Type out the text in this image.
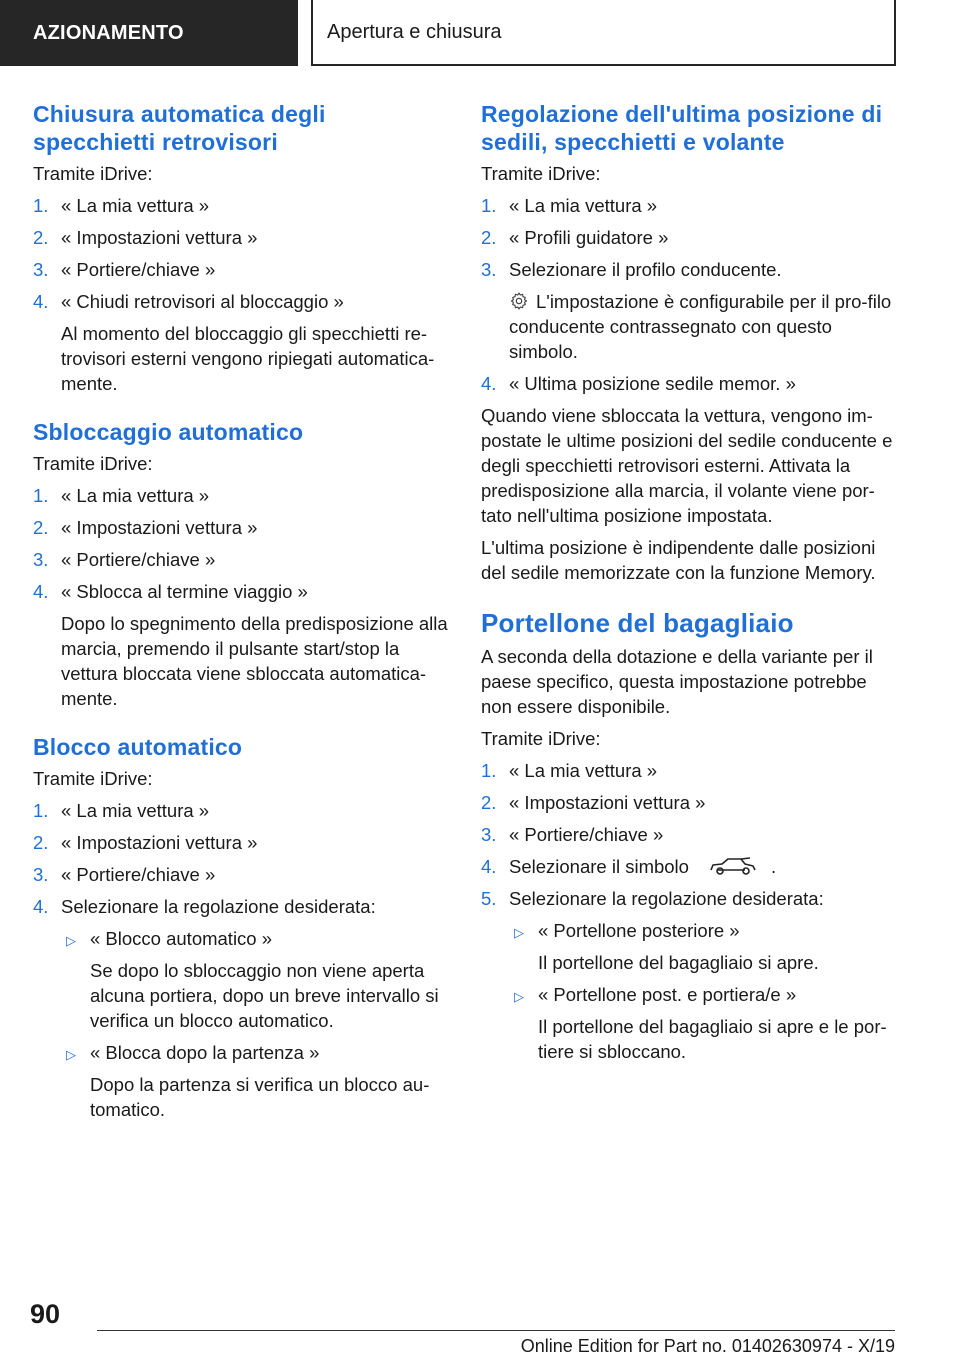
AZIONAMENTO	Apertura e chiusura
Chiusura automatica degli specchietti retrovisori

Tramite iDrive:

1. « La mia vettura »
2. « Impostazioni vettura »
3. « Portiere/chiave »
4. « Chiudi retrovisori al bloccaggio »
Al momento del bloccaggio gli specchietti re-trovisori esterni vengono ripiegati automatica-mente.
Sbloccaggio automatico

Tramite iDrive:

1. « La mia vettura »
2. « Impostazioni vettura »
3. « Portiere/chiave »
4. « Sblocca al termine viaggio »
Dopo lo spegnimento della predisposizione alla marcia, premendo il pulsante start/stop la vettura bloccata viene sbloccata automatica-mente.
Blocco automatico

Tramite iDrive:

1. « La mia vettura »
2. « Impostazioni vettura »
3. « Portiere/chiave »
4. Selezionare la regolazione desiderata:
▷ « Blocco automatico »
Se dopo lo sbloccaggio non viene aperta alcuna portiera, dopo un breve intervallo si verifica un blocco automatico.
▷ « Blocca dopo la partenza »
Dopo la partenza si verifica un blocco au-tomatico.
Regolazione dell'ultima posizione di sedili, specchietti e volante

Tramite iDrive:

1. « La mia vettura »
2. « Profili guidatore »
3. Selezionare il profilo conducente.
L'impostazione è configurabile per il pro-filo conducente contrassegnato con questo simbolo.
4. « Ultima posizione sedile memor. »

Quando viene sbloccata la vettura, vengono im-postate le ultime posizioni del sedile conducente e degli specchietti retrovisori esterni. Attivata la predisposizione alla marcia, il volante viene por-tato nell'ultima posizione impostata.

L'ultima posizione è indipendente dalle posizioni del sedile memorizzate con la funzione Memory.

Portellone del bagagliaio

A seconda della dotazione e della variante per il paese specifico, questa impostazione potrebbe non essere disponibile.

Tramite iDrive:

1. « La mia vettura »
2. « Impostazioni vettura »
3. « Portiere/chiave »
4. Selezionare il simbolo	.
5. Selezionare la regolazione desiderata:
▷ « Portellone posteriore »
Il portellone del bagagliaio si apre.
▷ « Portellone post. e portiera/e »
Il portellone del bagagliaio si apre e le por-tiere si sbloccano.
90
Online Edition for Part no. 01402630974 - X/19
